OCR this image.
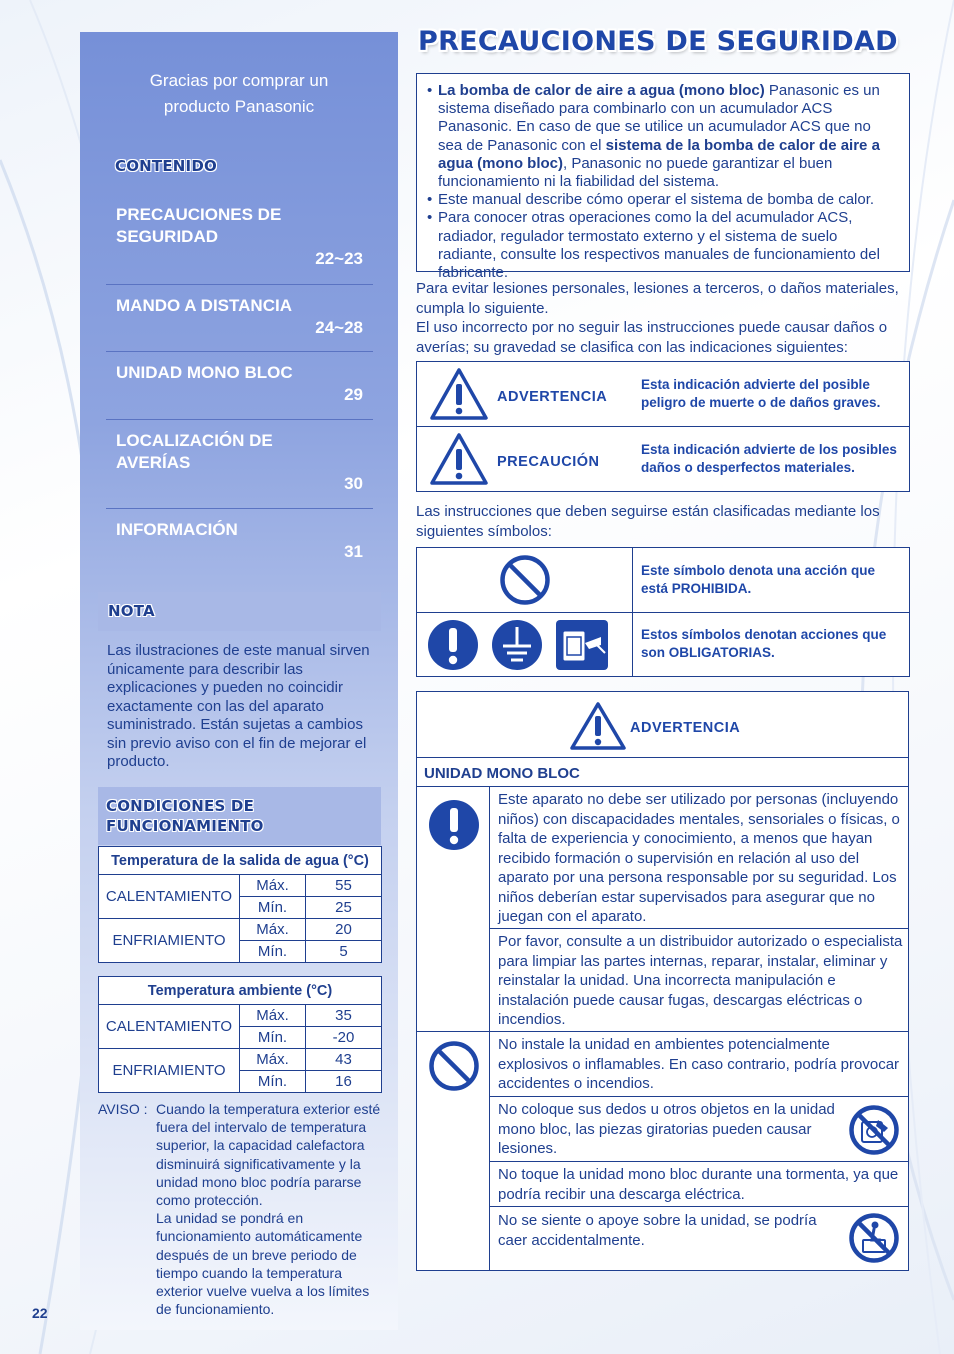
Gracias por comprar un
producto Panasonic
CONTENIDO
PRECAUCIONES DE SEGURIDAD
22~23
MANDO A DISTANCIA
24~28
UNIDAD MONO BLOC
29
LOCALIZACIÓN DE AVERÍAS
30
INFORMACIÓN
31
NOTA
Las ilustraciones de este manual sirven únicamente para describir las explicaciones y pueden no coincidir exactamente con las del aparato suministrado. Están sujetas a cambios sin previo aviso con el fin de mejorar el producto.
CONDICIONES DE
FUNCIONAMIENTO
Temperatura de la salida de agua (°C)		
CALENTAMIENTO	Máx.	55
	Mín.	25
ENFRIAMIENTO	Máx.	20
	Mín.	5
Temperatura ambiente (°C)		
CALENTAMIENTO	Máx.	35
	Mín.	-20
ENFRIAMIENTO	Máx.	43
	Mín.	16
AVISO : Cuando la temperatura exterior esté fuera del intervalo de temperatura superior, la capacidad calefactora disminuirá significativamente y la unidad mono bloc podría pararse como protección.
La unidad se pondrá en funcionamiento automáticamente después de un breve periodo de tiempo cuando la temperatura exterior vuelve vuelva a los límites de funcionamiento.
22
PRECAUCIONES DE SEGURIDAD
• La bomba de calor de aire a agua (mono bloc) Panasonic es un sistema diseñado para combinarlo con un acumulador ACS Panasonic. En caso de que se utilice un acumulador ACS que no sea de Panasonic con el sistema de la bomba de calor de aire a agua (mono bloc), Panasonic no puede garantizar el buen funcionamiento ni la fiabilidad del sistema.
• Este manual describe cómo operar el sistema de bomba de calor.
• Para conocer otras operaciones como la del acumulador ACS, radiador, regulador termostato externo y el sistema de suelo radiante, consulte los respectivos manuales de funcionamiento del fabricante.
Para evitar lesiones personales, lesiones a terceros, o daños materiales, cumpla lo siguiente.
El uso incorrecto por no seguir las instrucciones puede causar daños o averías; su gravedad se clasifica con las indicaciones siguientes:
ADVERTENCIA
Esta indicación advierte del posible peligro de muerte o de daños graves.
PRECAUCIÓN
Esta indicación advierte de los posibles daños o desperfectos materiales.
Las instrucciones que deben seguirse están clasificadas mediante los siguientes símbolos:
Este símbolo denota una acción que está PROHIBIDA.
Estos símbolos denotan acciones que son OBLIGATORIAS.
ADVERTENCIA
UNIDAD MONO BLOC
Este aparato no debe ser utilizado por personas (incluyendo niños) con discapacidades mentales, sensoriales o físicas, o falta de experiencia y conocimiento, a menos que hayan recibido formación o supervisión en relación al uso del aparato por una persona responsable por su seguridad. Los niños deberían estar supervisados para asegurar que no juegan con el aparato.
Por favor, consulte a un distribuidor autorizado o especialista para limpiar las partes internas, reparar, instalar, eliminar y reinstalar la unidad. Una incorrecta manipulación e instalación puede causar fugas, descargas eléctricas o incendios.
No instale la unidad en ambientes potencialmente explosivos o inflamables. En caso contrario, podría provocar accidentes o incendios.
No coloque sus dedos u otros objetos en la unidad mono bloc, las piezas giratorias pueden causar lesiones.
No toque la unidad mono bloc durante una tormenta, ya que podría recibir una descarga eléctrica.
No se siente o apoye sobre la unidad, se podría caer accidentalmente.
